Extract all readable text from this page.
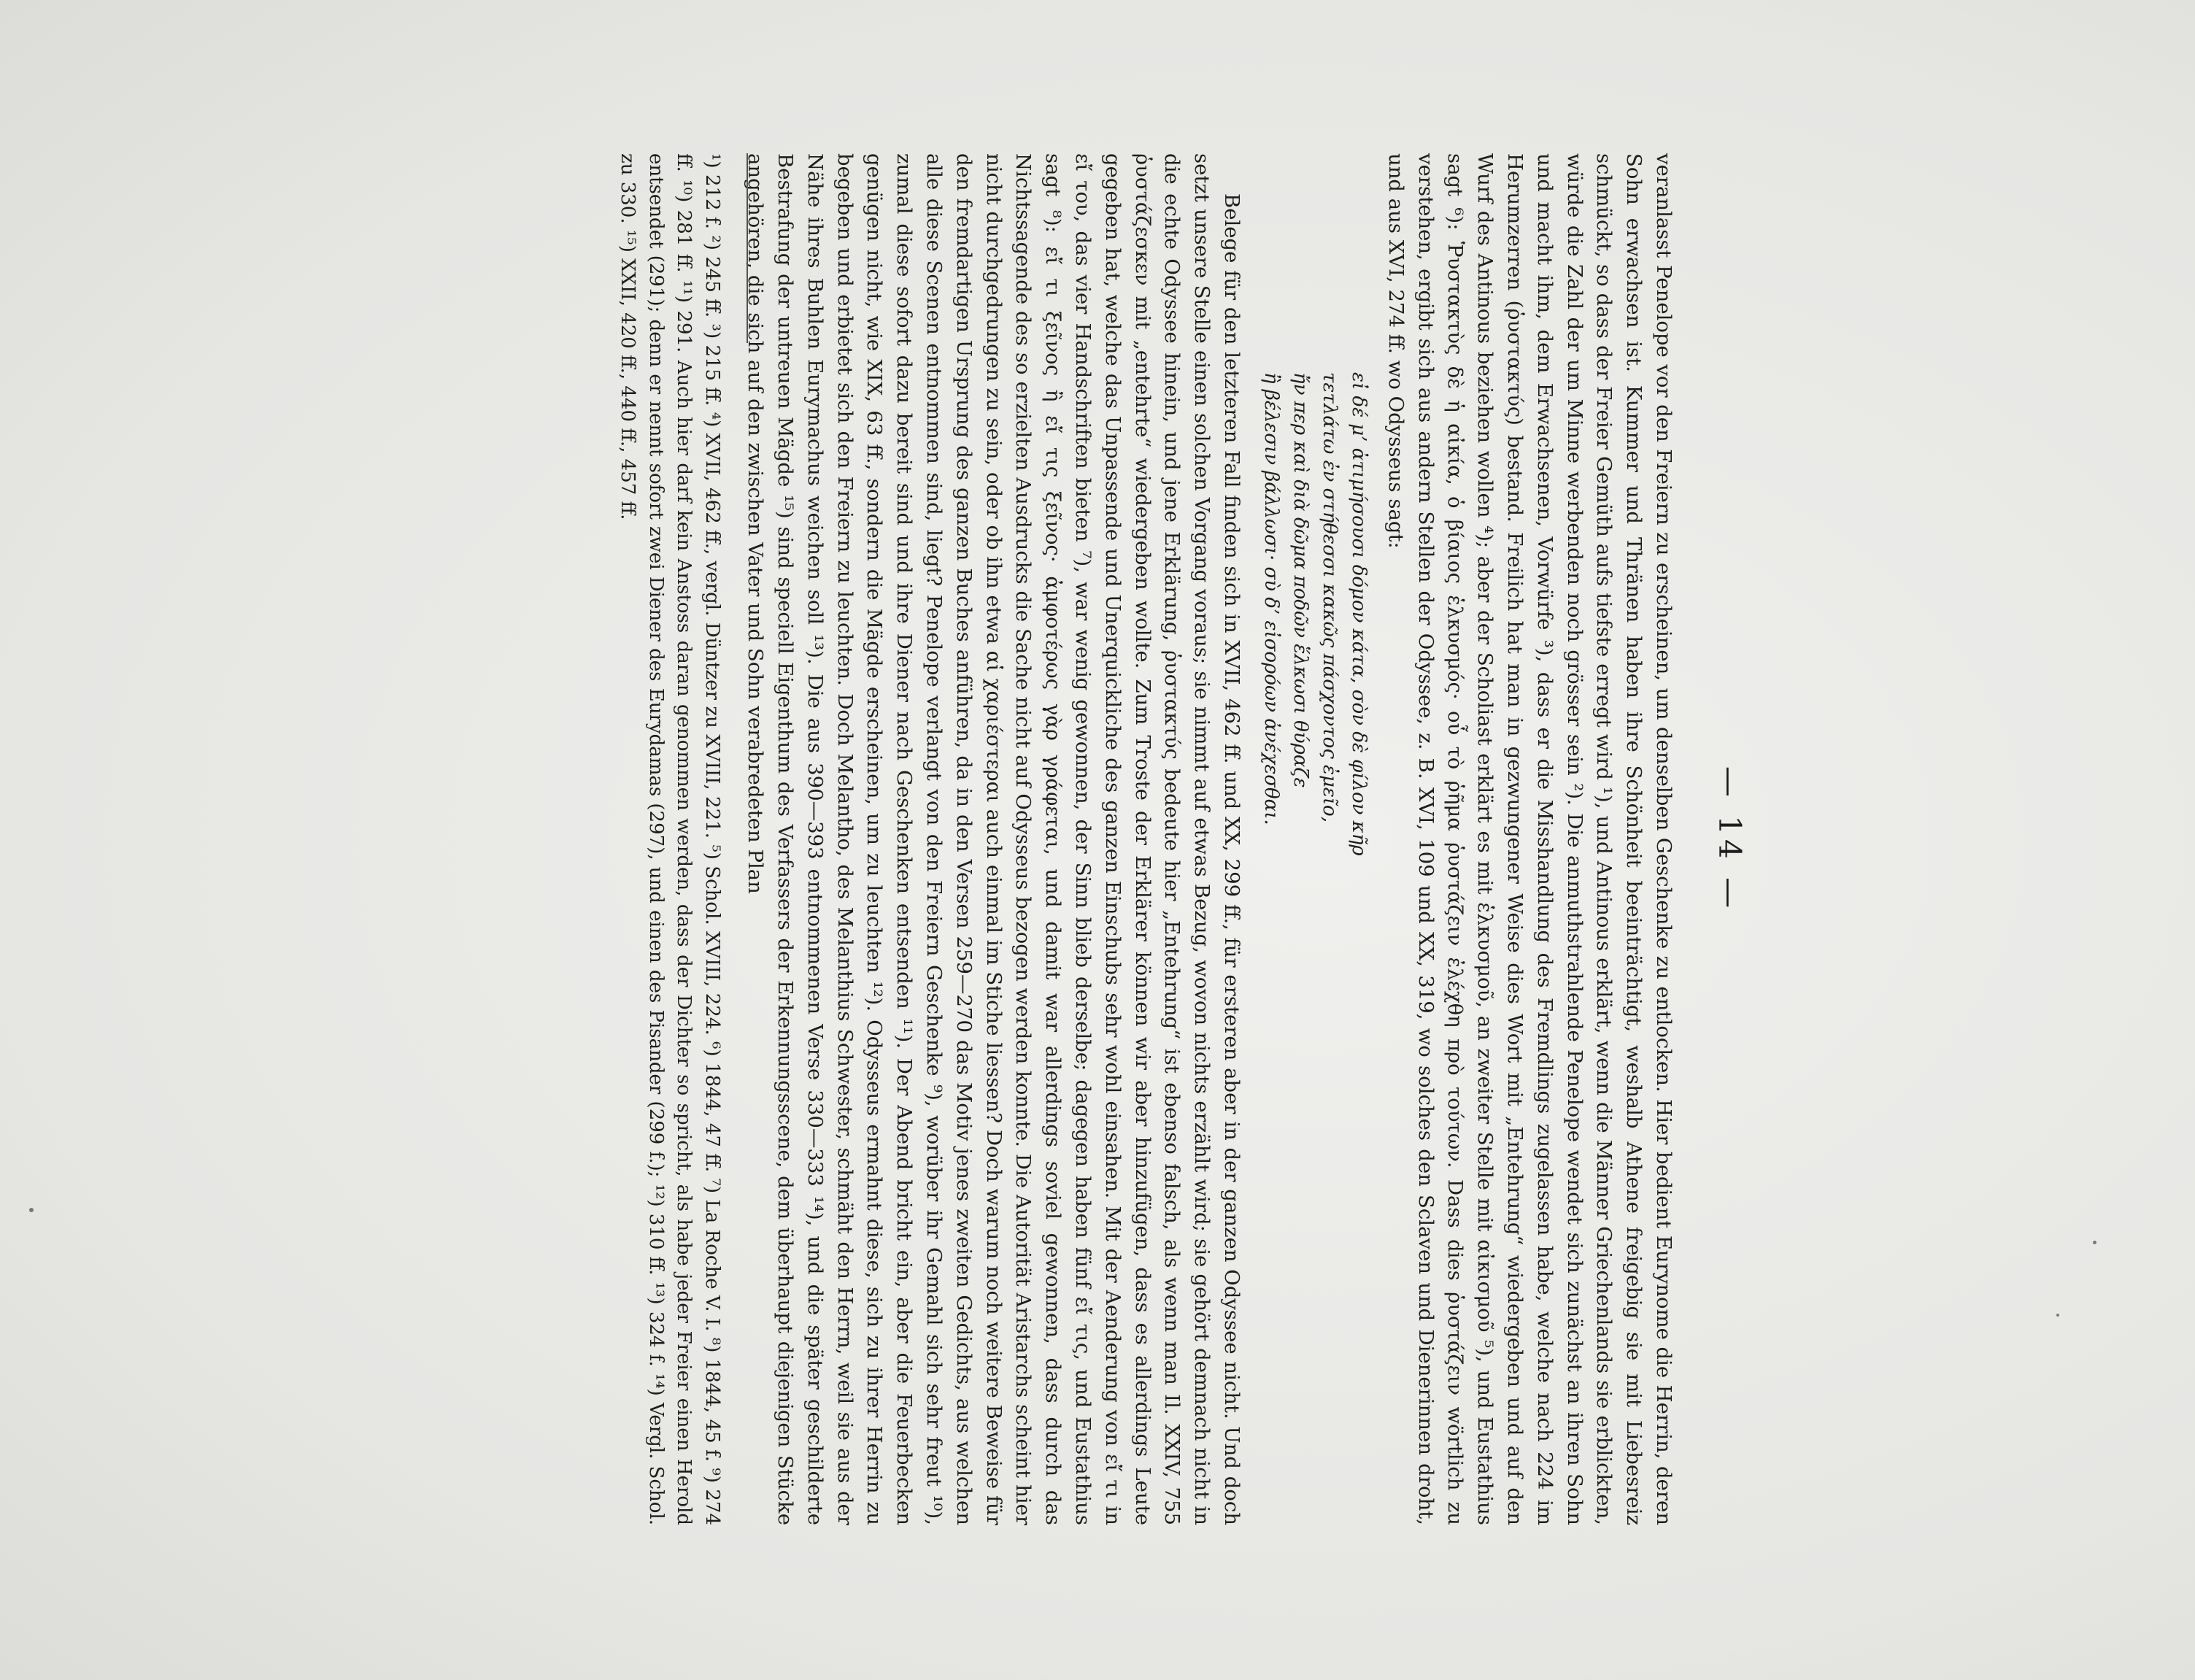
— 14 —

veranlasst Penelope vor den Freiern zu erscheinen, um denselben Geschenke zu entlocken. Hier bedient Eurynome die Herrin, deren Sohn erwachsen ist. Kummer und Thränen haben ihre Schönheit beeinträchtigt, weshalb Athene freigebig sie mit Liebesreiz schmückt, so dass der Freier Gemüth aufs tiefste erregt wird ¹), und Antinous erklärt, wenn die Männer Griechenlands sie erblickten, würde die Zahl der um Minne werbenden noch grösser sein ²). Die anmuthstrahlende Penelope wendet sich zunächst an ihren Sohn und macht ihm, dem Erwachsenen, Vorwürfe ³), dass er die Misshandlung des Fremdlings zugelassen habe, welche nach 224 im Herumzerren (ῥυστακτύς) bestand. Freilich hat man in gezwungener Weise dies Wort mit „Entehrung“ wiedergeben und auf den Wurf des Antinous beziehen wollen ⁴); aber der Scholiast erklärt es mit ἑλκυσμοῦ, an zweiter Stelle mit αἰκισμοῦ ⁵), und Eustathius sagt ⁶): Ῥυστακτὺς δὲ ἡ αἰκία, ὁ βίαιος ἑλκυσμός· οὗ τὸ ῥῆμα ῥυστάζειν ἐλέχθη πρὸ τούτων. Dass dies ῥυστάζειν wörtlich zu verstehen, ergibt sich aus andern Stellen der Odyssee, z. B. XVI, 109 und XX, 319, wo solches den Sclaven und Dienerinnen droht, und aus XVI, 274 ff. wo Odysseus sagt:

εἰ δέ μ’ ἀτιμήσουσι δόμον κάτα, σὸν δὲ φίλον κῆρ
τετλάτω ἐν στήθεσσι κακῶς πάσχοντος ἐμεῖο,
ἤν περ καὶ διὰ δῶμα ποδῶν ἕλκωσι θύραζε
ἢ βέλεσιν βάλλωσι· σὺ δ’ εἰσορόων ἀνέχεσθαι.

Belege für den letzteren Fall finden sich in XVII, 462 ff. und XX, 299 ff., für ersteren aber in der ganzen Odyssee nicht. Und doch setzt unsere Stelle einen solchen Vorgang voraus; sie nimmt auf etwas Bezug, wovon nichts erzählt wird; sie gehört demnach nicht in die echte Odyssee hinein, und jene Erklärung, ῥυστακτύς bedeute hier „Entehrung“ ist ebenso falsch, als wenn man Il. XXIV, 755 ῥυστάζεσκεν mit „entehrte“ wiedergeben wollte. Zum Troste der Erklärer können wir aber hinzufügen, dass es allerdings Leute gegeben hat, welche das Unpassende und Unerquickliche des ganzen Einschubs sehr wohl einsahen. Mit der Aenderung von εἴ τι in εἴ του, das vier Handschriften bieten ⁷), war wenig gewonnen, der Sinn blieb derselbe; dagegen haben fünf εἴ τις, und Eustathius sagt ⁸): εἴ τι ξεῖνος ἢ εἴ τις ξεῖνος· ἀμφοτέρως γὰρ γράφεται, und damit war allerdings soviel gewonnen, dass durch das Nichtssagende des so erzielten Ausdrucks die Sache nicht auf Odysseus bezogen werden konnte. Die Autorität Aristarchs scheint hier nicht durchgedrungen zu sein, oder ob ihn etwa αἱ χαριέστεραι auch einmal im Stiche liessen? Doch warum noch weitere Beweise für den fremdartigen Ursprung des ganzen Buches anführen, da in den Versen 259—270 das Motiv jenes zweiten Gedichts, aus welchen alle diese Scenen entnommen sind, liegt? Penelope verlangt von den Freiern Geschenke ⁹), worüber ihr Gemahl sich sehr freut ¹⁰), zumal diese sofort dazu bereit sind und ihre Diener nach Geschenken entsenden ¹¹). Der Abend bricht ein, aber die Feuerbecken genügen nicht, wie XIX, 63 ff., sondern die Mägde erscheinen, um zu leuchten ¹²). Odysseus ermahnt diese, sich zu ihrer Herrin zu begeben und erbietet sich den Freiern zu leuchten. Doch Melantho, des Melanthius Schwester, schmäht den Herrn, weil sie aus der Nähe ihres Buhlen Eurymachus weichen soll ¹³). Die aus 390—393 entnommenen Verse 330—333 ¹⁴), und die später geschilderte Bestrafung der untreuen Mägde ¹⁵) sind speciell Eigenthum des Verfassers der Erkennungsscene, dem überhaupt diejenigen Stücke angehören, die sich auf den zwischen Vater und Sohn verabredeten Plan

¹) 212 f. ²) 245 ff. ³) 215 ff. ⁴) XVII, 462 ff., vergl. Düntzer zu XVIII, 221. ⁵) Schol. XVIII, 224. ⁶) 1844, 47 ff. ⁷) La Roche V. I. ⁸) 1844, 45 f. ⁹) 274 ff. ¹⁰) 281 ff. ¹¹) 291. Auch hier darf kein Anstoss daran genommen werden, dass der Dichter so spricht, als habe jeder Freier einen Herold entsendet (291); denn er nennt sofort zwei Diener des Eurydamas (297), und einen des Pisander (299 f.); ¹²) 310 ff. ¹³) 324 f. ¹⁴) Vergl. Schol. zu 330. ¹⁵) XXII, 420 ff., 440 ff., 457 ff.
